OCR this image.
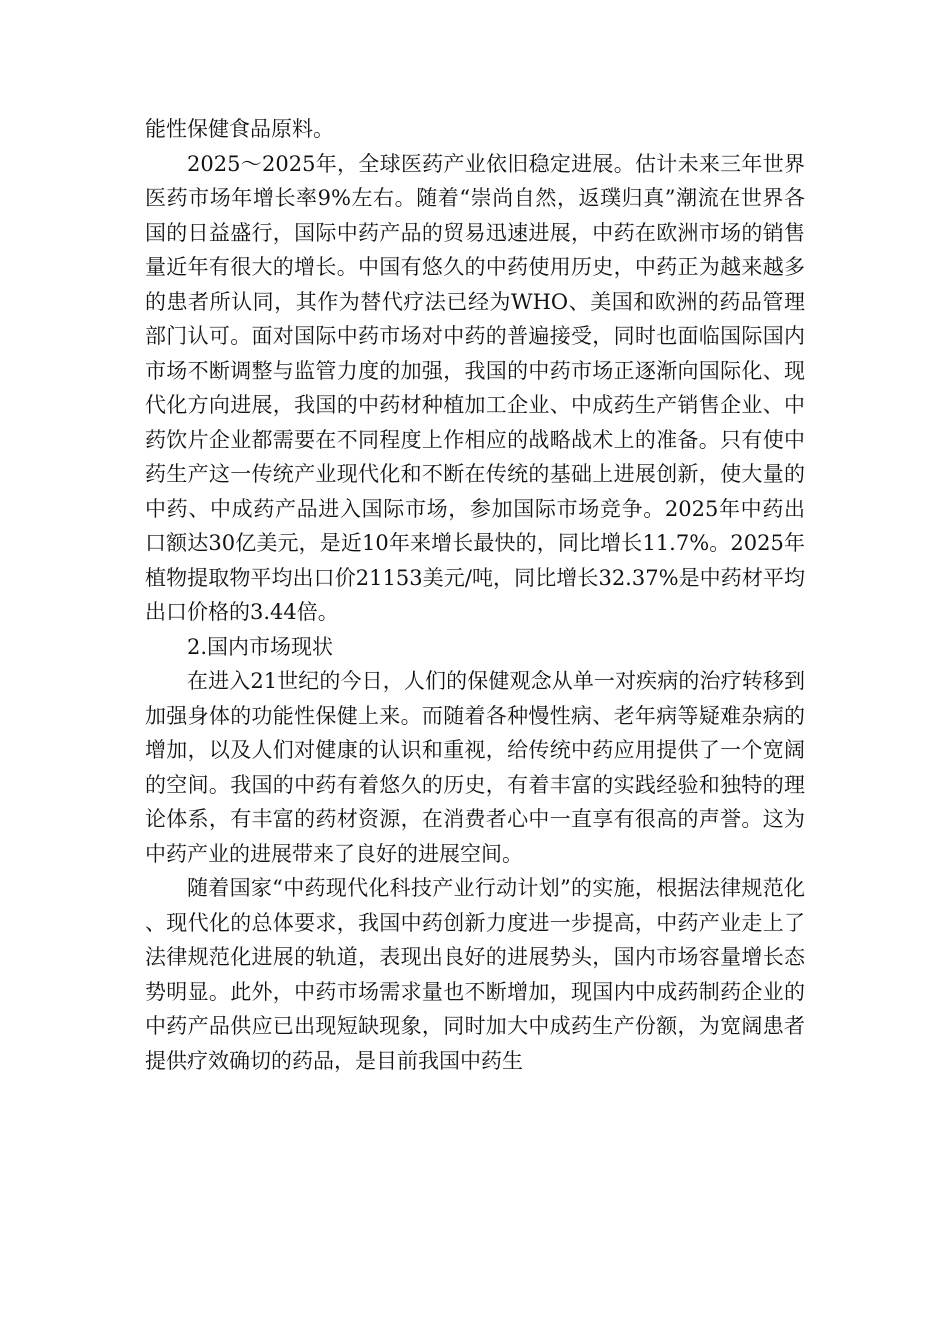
能性保健食品原料。

2025～2025年，全球医药产业依旧稳定进展。估计未来三年世界医药市场年增长率9%左右。随着“崇尚自然，返璞归真”潮流在世界各国的日益盛行，国际中药产品的贸易迅速进展，中药在欧洲市场的销售量近年有很大的增长。中国有悠久的中药使用历史，中药正为越来越多的患者所认同，其作为替代疗法已经为WHO、美国和欧洲的药品管理部门认可。面对国际中药市场对中药的普遍接受，同时也面临国际国内市场不断调整与监管力度的加强，我国的中药市场正逐渐向国际化、现代化方向进展，我国的中药材种植加工企业、中成药生产销售企业、中药饮片企业都需要在不同程度上作相应的战略战术上的准备。只有使中药生产这一传统产业现代化和不断在传统的基础上进展创新，使大量的中药、中成药产品进入国际市场，参加国际市场竞争。2025年中药出口额达30亿美元，是近10年来增长最快的，同比增长11.7%。2025年植物提取物平均出口价21153美元/吨，同比增长32.37%是中药材平均出口价格的3.44倍。

2.国内市场现状

在进入21世纪的今日，人们的保健观念从单一对疾病的治疗转移到加强身体的功能性保健上来。而随着各种慢性病、老年病等疑难杂病的增加，以及人们对健康的认识和重视，给传统中药应用提供了一个宽阔的空间。我国的中药有着悠久的历史，有着丰富的实践经验和独特的理论体系，有丰富的药材资源，在消费者心中一直享有很高的声誉。这为中药产业的进展带来了良好的进展空间。

随着国家“中药现代化科技产业行动计划”的实施，根据法律规范化、现代化的总体要求，我国中药创新力度进一步提高，中药产业走上了法律规范化进展的轨道，表现出良好的进展势头，国内市场容量增长态势明显。此外，中药市场需求量也不断增加，现国内中成药制药企业的中药产品供应已出现短缺现象，同时加大中成药生产份额，为宽阔患者提供疗效确切的药品，是目前我国中药生
